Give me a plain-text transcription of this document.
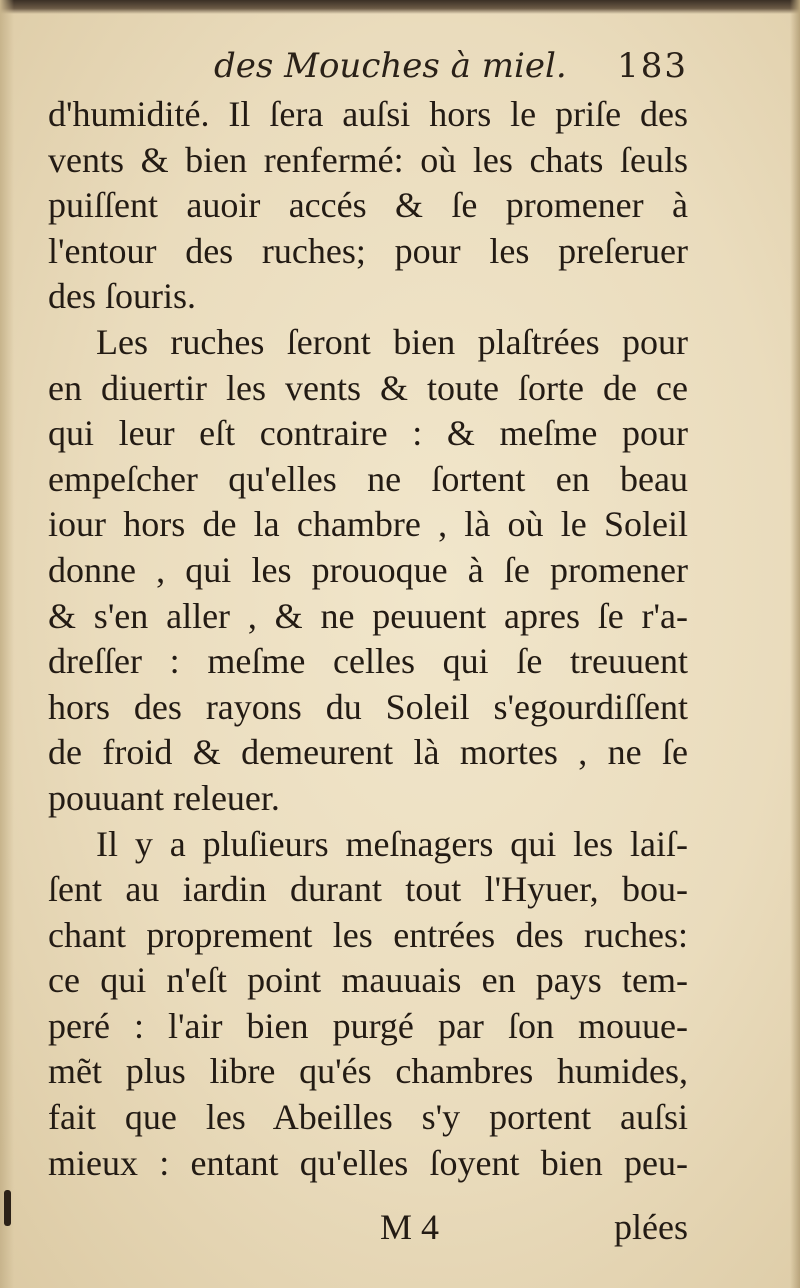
des Mouches à miel. 183
d'humidité. Il ſera auſsi hors le priſe des
vents & bien renfermé: où les chats ſeuls
puiſſent auoir accés & ſe promener à
l'entour des ruches; pour les preſeruer
des ſouris.
Les ruches ſeront bien plaſtrées pour
en diuertir les vents & toute ſorte de ce
qui leur eſt contraire : & meſme pour
empeſcher qu'elles ne ſortent en beau
iour hors de la chambre , là où le Soleil
donne , qui les prouoque à ſe promener
& s'en aller , & ne peuuent apres ſe r'a-
dreſſer : meſme celles qui ſe treuuent
hors des rayons du Soleil s'egourdiſſent
de froid & demeurent là mortes , ne ſe
pouuant releuer.
Il y a pluſieurs meſnagers qui les laiſ-
ſent au iardin durant tout l'Hyuer, bou-
chant proprement les entrées des ruches:
ce qui n'eſt point mauuais en pays tem-
peré : l'air bien purgé par ſon mouue-
mẽt plus libre qu'és chambres humides,
fait que les Abeilles s'y portent auſsi
mieux : entant qu'elles ſoyent bien peu-
M 4	plées
